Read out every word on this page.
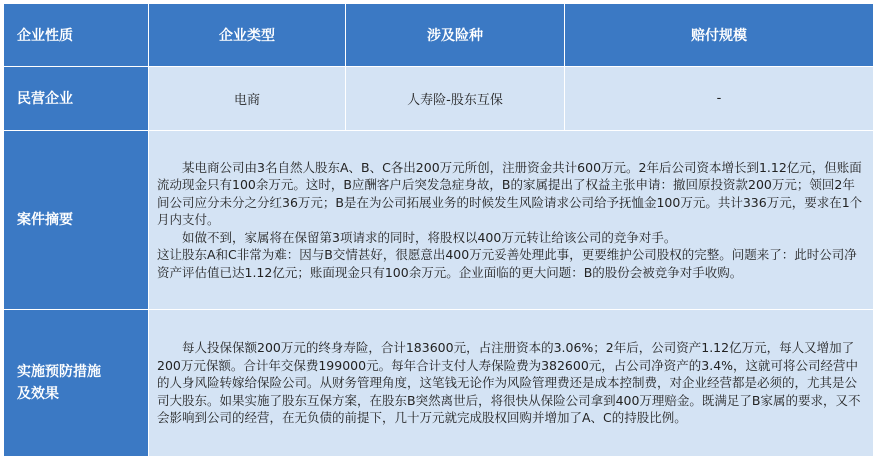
企业性质	企业类型	涉及险种	赔付规模
民营企业	电商	人寿险-股东互保	-
案件摘要	某电商公司由3名自然人股东A、B、C各出200万元所创，注册资金共计600万元。2年后公司资本增长到1.12亿元，但账面流动现金只有100余万元。这时，B应酬客户后突发急症身故，B的家属提出了权益主张申请：撤回原投资款200万元；领回2年间公司应分未分之分红36万元；B是在为公司拓展业务的时候发生风险请求公司给予抚恤金100万元。共计336万元，要求在1个月内支付。

如做不到，家属将在保留第3项请求的同时，将股权以400万元转让给该公司的竞争对手。

这让股东A和C非常为难：因与B交情甚好，很愿意出400万元妥善处理此事，更要维护公司股权的完整。问题来了：此时公司净资产评估值已达1.12亿元；账面现金只有100余万元。企业面临的更大问题：B的股份会被竞争对手收购。		

实施预防措施
及效果	每人投保保额200万元的终身寿险，合计183600元，占注册资本的3.06%；2年后，公司资产1.12亿万元，每人又增加了200万元保额。合计年交保费199000元。每年合计支付人寿保险费为382600元，占公司净资产的3.4%，这就可将公司经营中的人身风险转嫁给保险公司。从财务管理角度，这笔钱无论作为风险管理费还是成本控制费，对企业经营都是必须的，尤其是公司大股东。如果实施了股东互保方案，在股东B突然离世后，将很快从保险公司拿到400万理赔金。既满足了B家属的要求，又不会影响到公司的经营，在无负债的前提下，几十万元就完成股权回购并增加了A、C的持股比例。		
